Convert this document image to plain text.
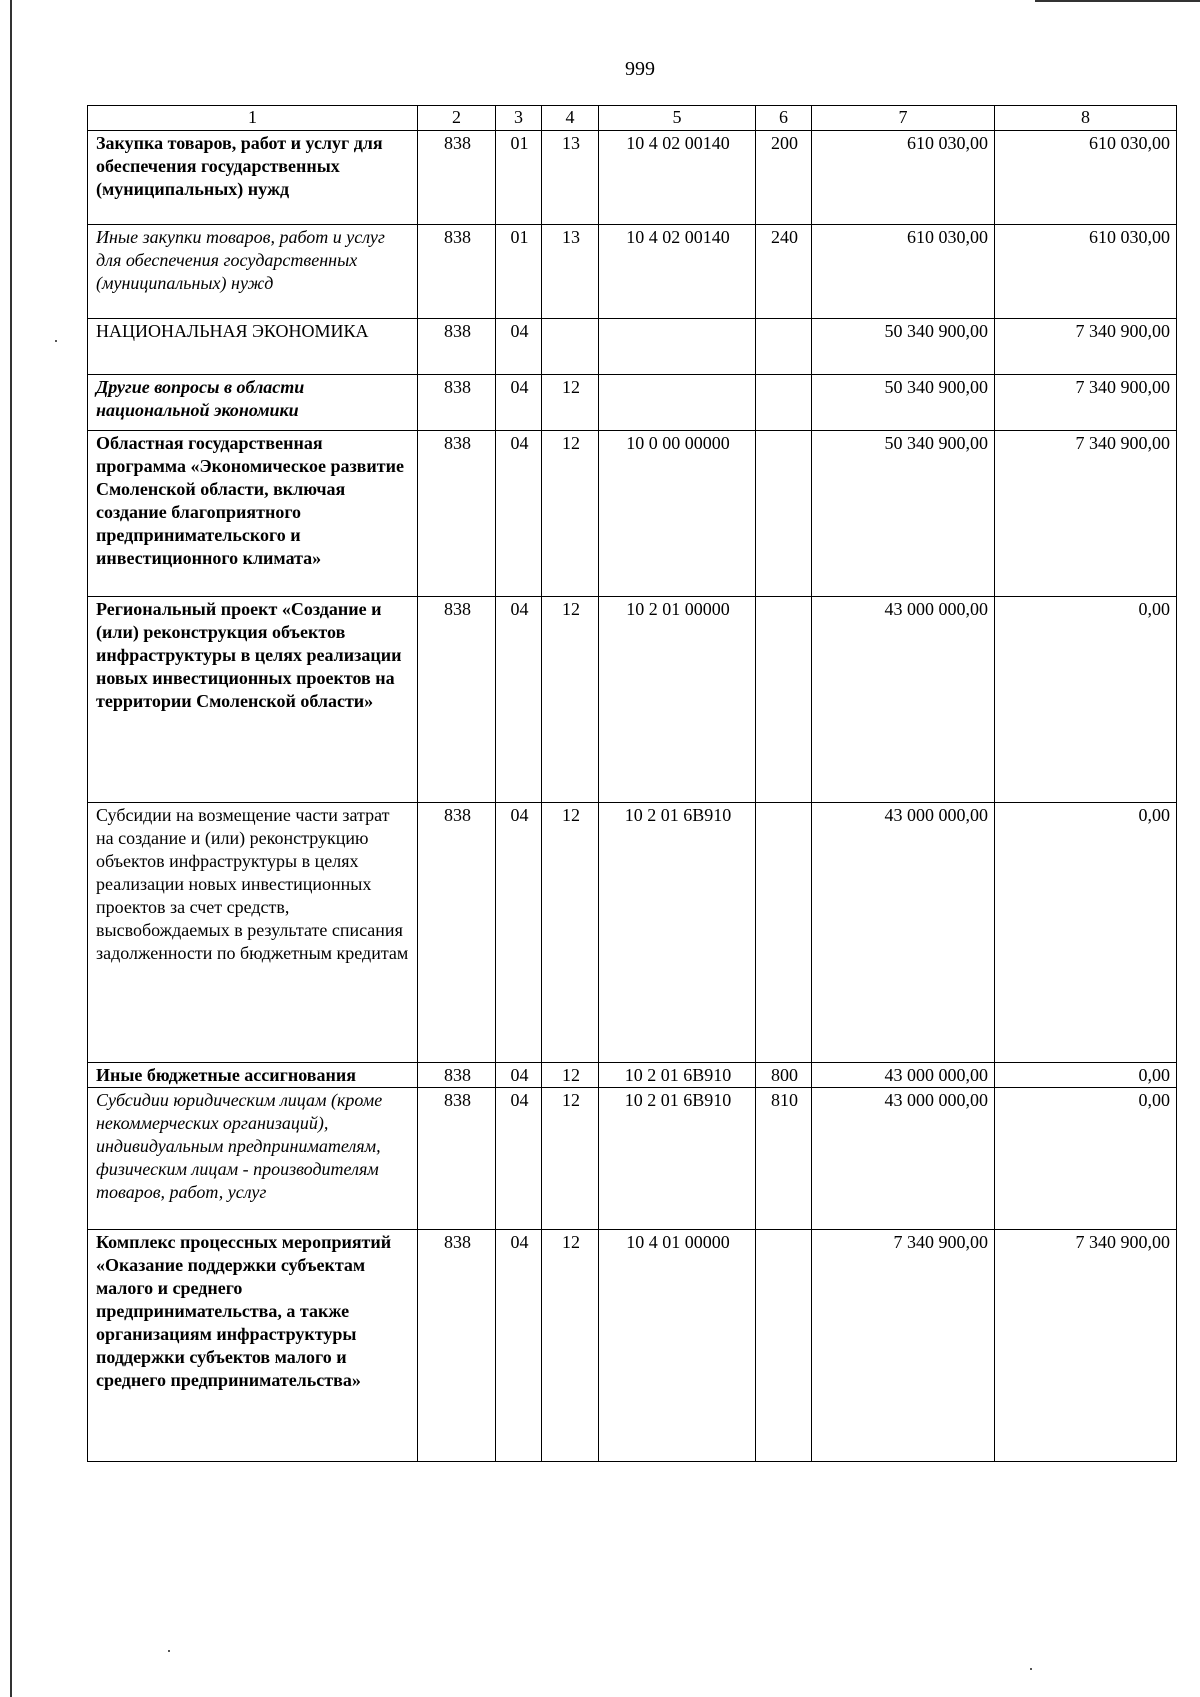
999
1	2	3	4	5	6	7	8
Закупка товаров, работ и услуг для обеспечения государственных (муниципальных) нужд	838	01	13	10 4 02 00140	200	610 030,00	610 030,00
Иные закупки товаров, работ и услуг для обеспечения государственных (муниципальных) нужд	838	01	13	10 4 02 00140	240	610 030,00	610 030,00
НАЦИОНАЛЬНАЯ ЭКОНОМИКА	838	04				50 340 900,00	7 340 900,00
Другие вопросы в области национальной экономики	838	04	12			50 340 900,00	7 340 900,00
Областная государственная программа «Экономическое развитие Смоленской области, включая создание благоприятного предпринимательского и инвестиционного климата»	838	04	12	10 0 00 00000		50 340 900,00	7 340 900,00
Региональный проект «Создание и (или) реконструкция объектов инфраструктуры в целях реализации новых инвестиционных проектов на территории Смоленской области»	838	04	12	10 2 01 00000		43 000 000,00	0,00
Субсидии на возмещение части затрат на создание и (или) реконструкцию объектов инфраструктуры в целях реализации новых инвестиционных проектов за счет средств, высвобождаемых в результате списания задолженности по бюджетным кредитам	838	04	12	10 2 01 6В910		43 000 000,00	0,00
Иные бюджетные ассигнования	838	04	12	10 2 01 6В910	800	43 000 000,00	0,00
Субсидии юридическим лицам (кроме некоммерческих организаций), индивидуальным предпринимателям, физическим лицам - производителям товаров, работ, услуг	838	04	12	10 2 01 6В910	810	43 000 000,00	0,00
Комплекс процессных мероприятий «Оказание поддержки субъектам малого и среднего предпринимательства, а также организациям инфраструктуры поддержки субъектов малого и среднего предпринимательства»	838	04	12	10 4 01 00000		7 340 900,00	7 340 900,00
